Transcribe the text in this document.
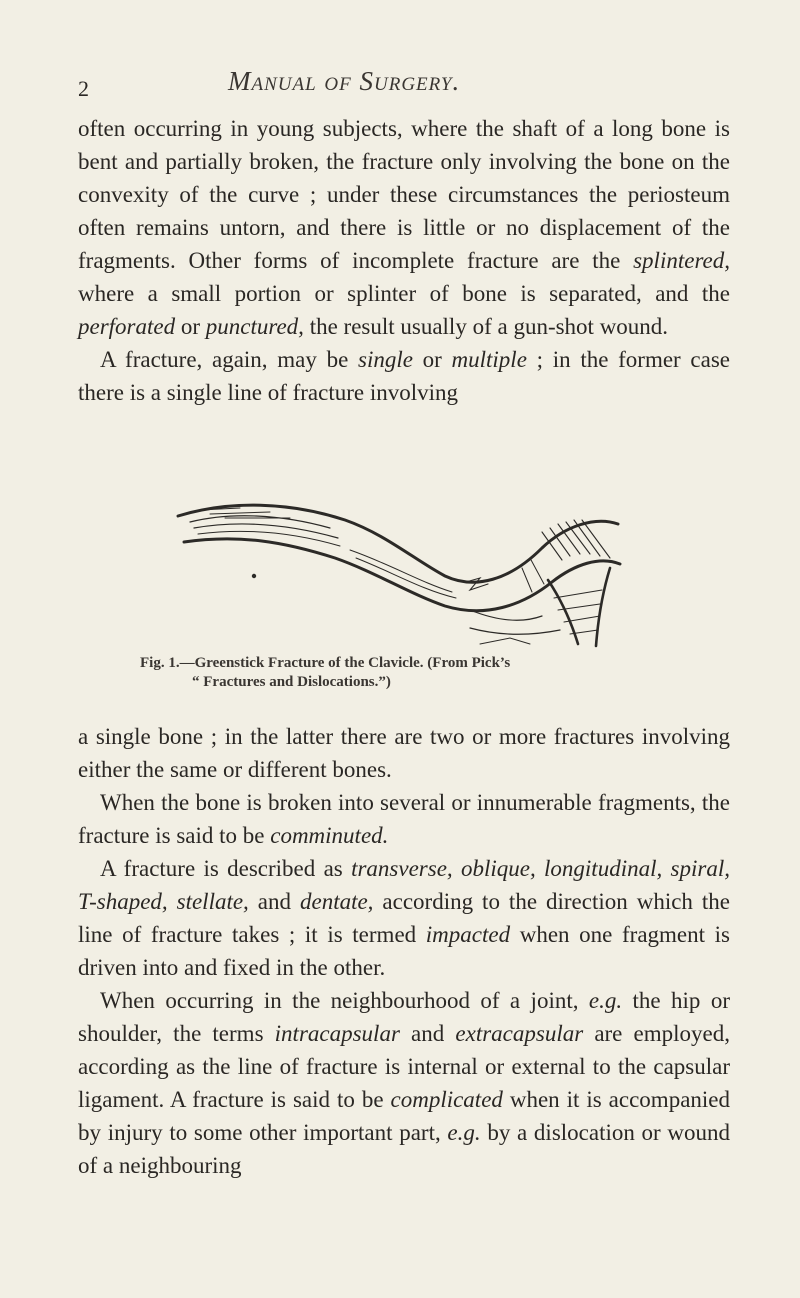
2	Manual of Surgery.

often occurring in young subjects, where the shaft of a long bone is bent and partially broken, the fracture only involving the bone on the convexity of the curve ; under these circumstances the periosteum often remains untorn, and there is little or no displacement of the fragments. Other forms of incomplete fracture are the splintered, where a small portion or splinter of bone is separated, and the perforated or punctured, the result usually of a gun-shot wound.

A fracture, again, may be single or multiple ; in the former case there is a single line of fracture involving

Fig. 1.—Greenstick Fracture of the Clavicle. (From Pick’s
“ Fractures and Dislocations.”)

a single bone ; in the latter there are two or more fractures involving either the same or different bones.

When the bone is broken into several or innumerable fragments, the fracture is said to be comminuted.

A fracture is described as transverse, oblique, longitudinal, spiral, T-shaped, stellate, and dentate, according to the direction which the line of fracture takes ; it is termed impacted when one fragment is driven into and fixed in the other.

When occurring in the neighbourhood of a joint, e.g. the hip or shoulder, the terms intracapsular and extracapsular are employed, according as the line of fracture is internal or external to the capsular ligament. A fracture is said to be complicated when it is accompanied by injury to some other important part, e.g. by a dislocation or wound of a neighbouring
